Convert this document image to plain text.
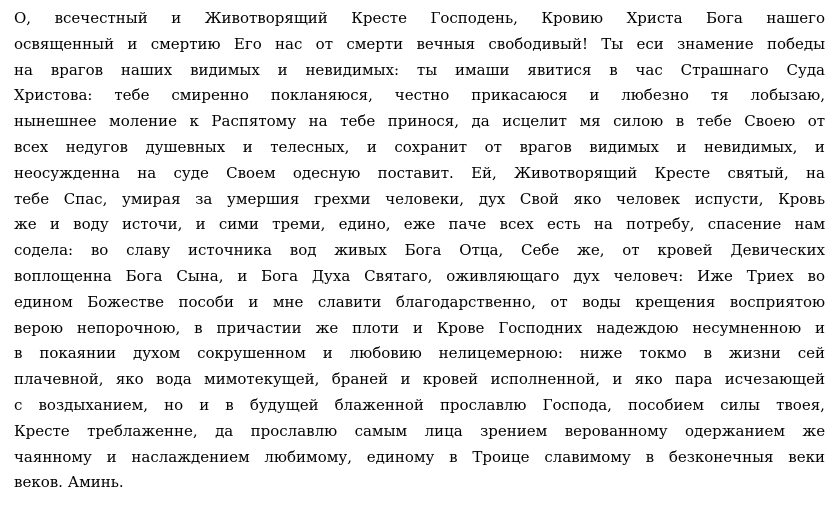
О, всечестный и Животворящий Кресте Господень, Кровию Христа Бога нашего
освященный и смертию Его нас от смерти вечныя свободивый! Ты еси знамение победы
на врагов наших видимых и невидимых: ты имаши явитися в час Страшнаго Суда
Христова: тебе смиренно покланяюся, честно прикасаюся и любезно тя лобызаю,
нынешнее моление к Распятому на тебе принося, да исцелит мя силою в тебе Своею от
всех недугов душевных и телесных, и сохранит от врагов видимых и невидимых, и
неосужденна на суде Своем одесную поставит. Ей, Животворящий Кресте святый, на
тебе Спас, умирая за умершия грехми человеки, дух Свой яко человек испусти, Кровь
же и воду источи, и сими треми, едино, еже паче всех есть на потребу, спасение нам
содела: во славу источника вод живых Бога Отца, Себе же, от кровей Девических
воплощенна Бога Сына, и Бога Духа Святаго, оживляющаго дух человеч: Иже Триех во
едином Божестве пособи и мне славити благодарственно, от воды крещения восприятою
верою непорочною, в причастии же плоти и Крове Господних надеждою несумненною и
в покаянии духом сокрушенном и любовию нелицемерною: ниже токмо в жизни сей
плачевной, яко вода мимотекущей, браней и кровей исполненной, и яко пара исчезающей
с воздыханием, но и в будущей блаженной прославлю Господа, пособием силы твоея,
Кресте треблаженне, да прославлю самым лица зрением верованному одержанием же
чаянному и наслаждением любимому, единому в Троице славимому в безконечныя веки
веков. Аминь.
